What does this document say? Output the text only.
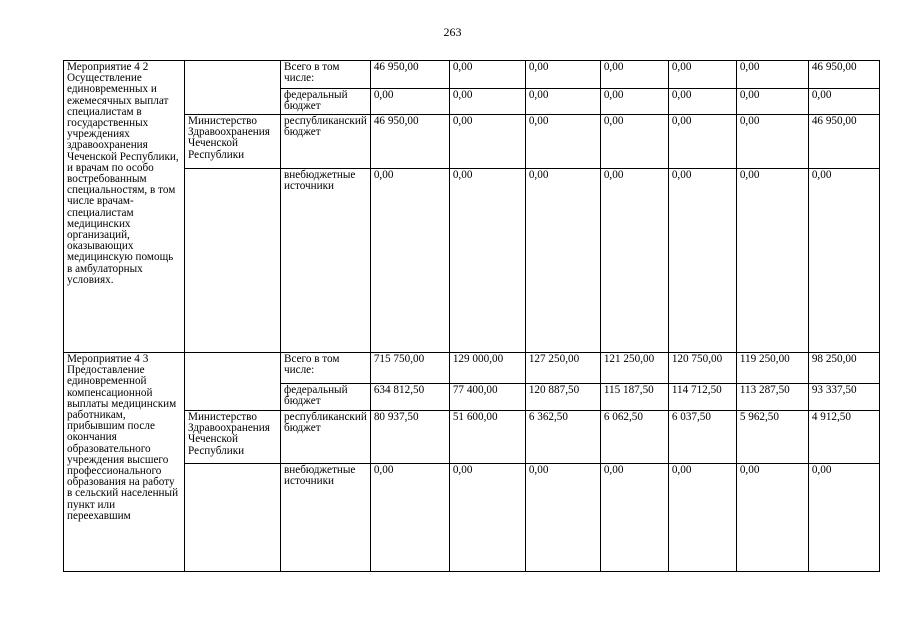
263
Мероприятие 4 2 Осуществление единовременных и ежемесячных выплат специалистам в государственных учреждениях здравоохранения Чеченской Республики, и врачам по особо востребованным специальностям, в том числе врачам-специалистам медицинских организаций, оказывающих медицинскую помощь в амбулаторных условиях.		Всего в том числе:	46 950,00	0,00	0,00	0,00	0,00	0,00	46 950,00
		федеральный бюджет	0,00	0,00	0,00	0,00	0,00	0,00	0,00
	Министерство Здравоохранения Чеченской Республики	республиканский бюджет	46 950,00	0,00	0,00	0,00	0,00	0,00	46 950,00
		внебюджетные источники	0,00	0,00	0,00	0,00	0,00	0,00	0,00
Мероприятие 4 3 Предоставление единовременной компенсационной выплаты медицинским работникам, прибывшим после окончания образовательного учреждения высшего профессионального образования на работу в сельский населенный пункт или переехавшим		Всего в том числе:	715 750,00	129 000,00	127 250,00	121 250,00	120 750,00	119 250,00	98 250,00
		федеральный бюджет	634 812,50	77 400,00	120 887,50	115 187,50	114 712,50	113 287,50	93 337,50
	Министерство Здравоохранения Чеченской Республики	республиканский бюджет	80 937,50	51 600,00	6 362,50	6 062,50	6 037,50	5 962,50	4 912,50
		внебюджетные источники	0,00	0,00	0,00	0,00	0,00	0,00	0,00
